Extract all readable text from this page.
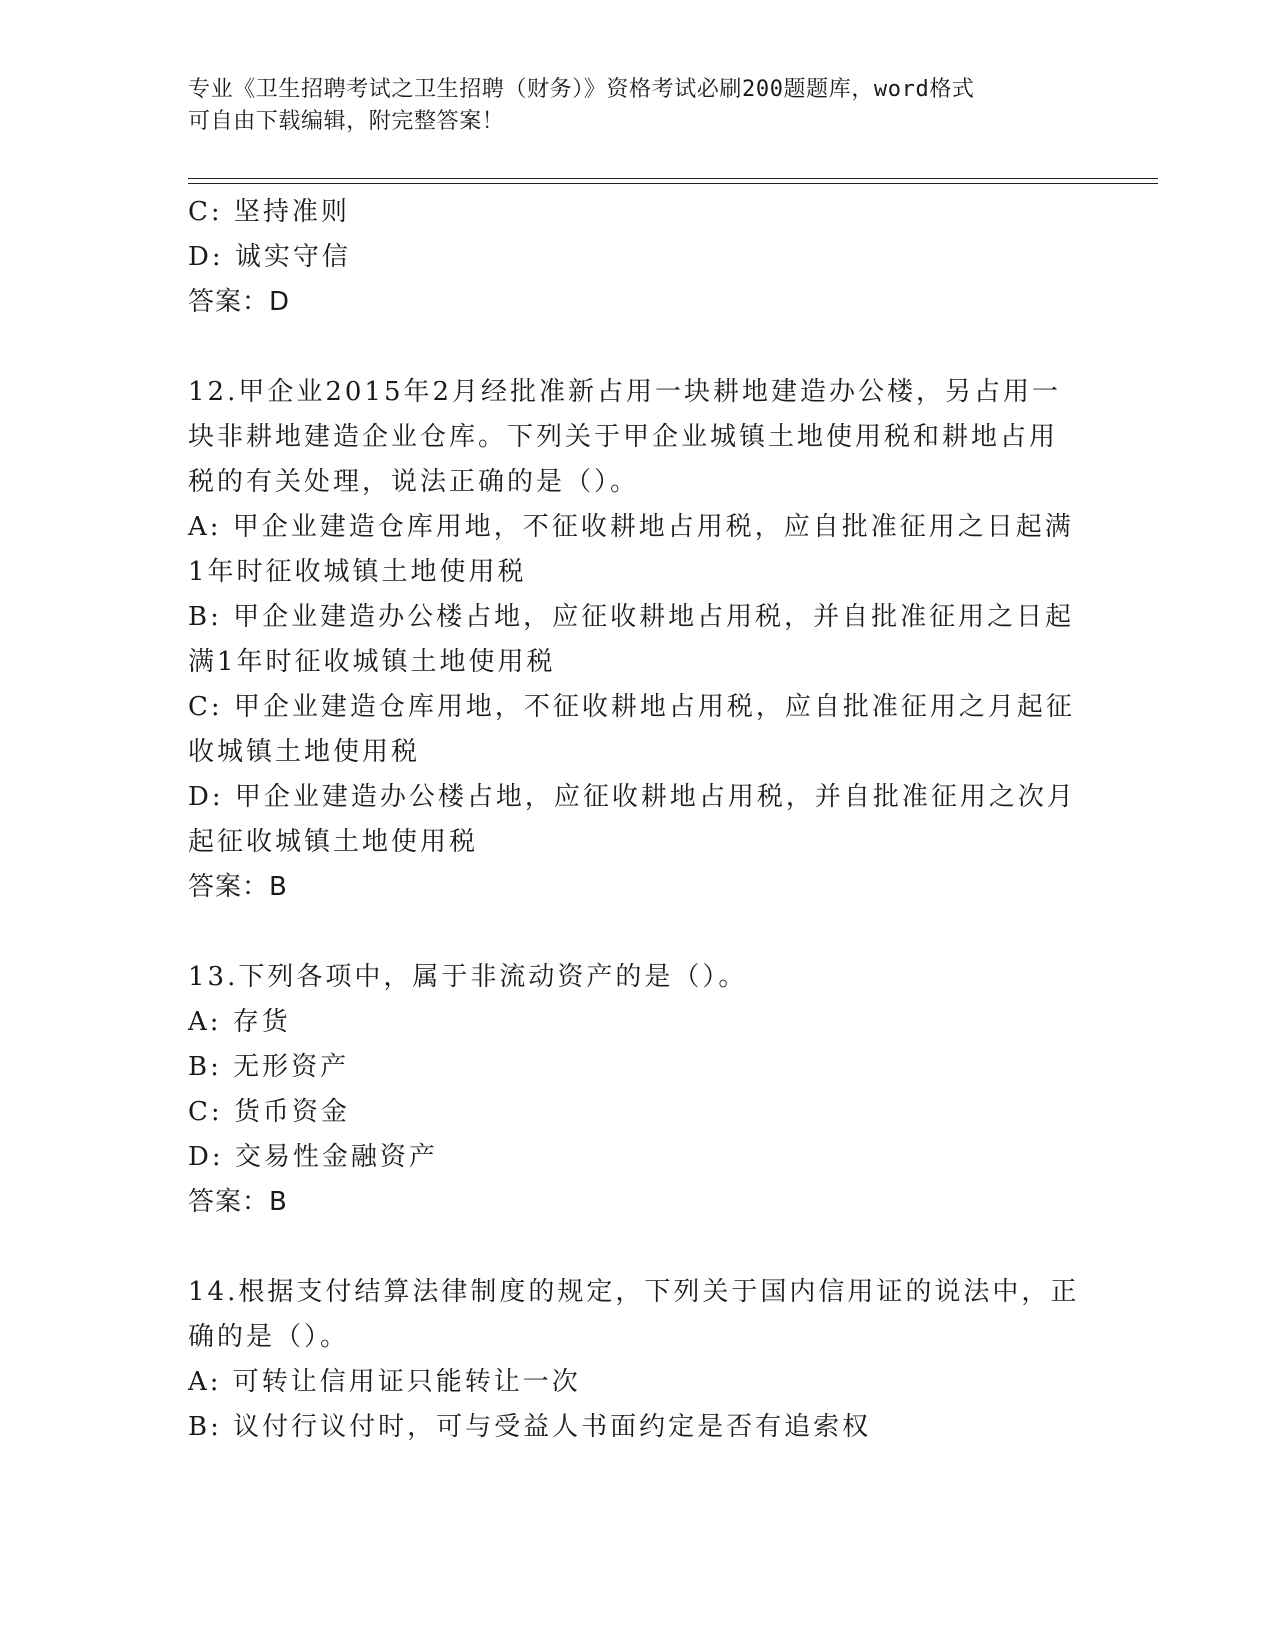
专业《卫生招聘考试之卫生招聘（财务）》资格考试必刷200题题库，word格式
可自由下载编辑，附完整答案！

C: 坚持准则

D: 诚实守信

答案：D

12.甲企业2015年2月经批准新占用一块耕地建造办公楼，另占用一

块非耕地建造企业仓库。下列关于甲企业城镇土地使用税和耕地占用

税的有关处理，说法正确的是（）。

A: 甲企业建造仓库用地，不征收耕地占用税，应自批准征用之日起满

1年时征收城镇土地使用税

B: 甲企业建造办公楼占地，应征收耕地占用税，并自批准征用之日起

满1年时征收城镇土地使用税

C: 甲企业建造仓库用地，不征收耕地占用税，应自批准征用之月起征

收城镇土地使用税

D: 甲企业建造办公楼占地，应征收耕地占用税，并自批准征用之次月

起征收城镇土地使用税

答案：B

13.下列各项中，属于非流动资产的是（）。

A: 存货

B: 无形资产

C: 货币资金

D: 交易性金融资产

答案：B

14.根据支付结算法律制度的规定，下列关于国内信用证的说法中，正

确的是（）。

A: 可转让信用证只能转让一次

B: 议付行议付时，可与受益人书面约定是否有追索权
